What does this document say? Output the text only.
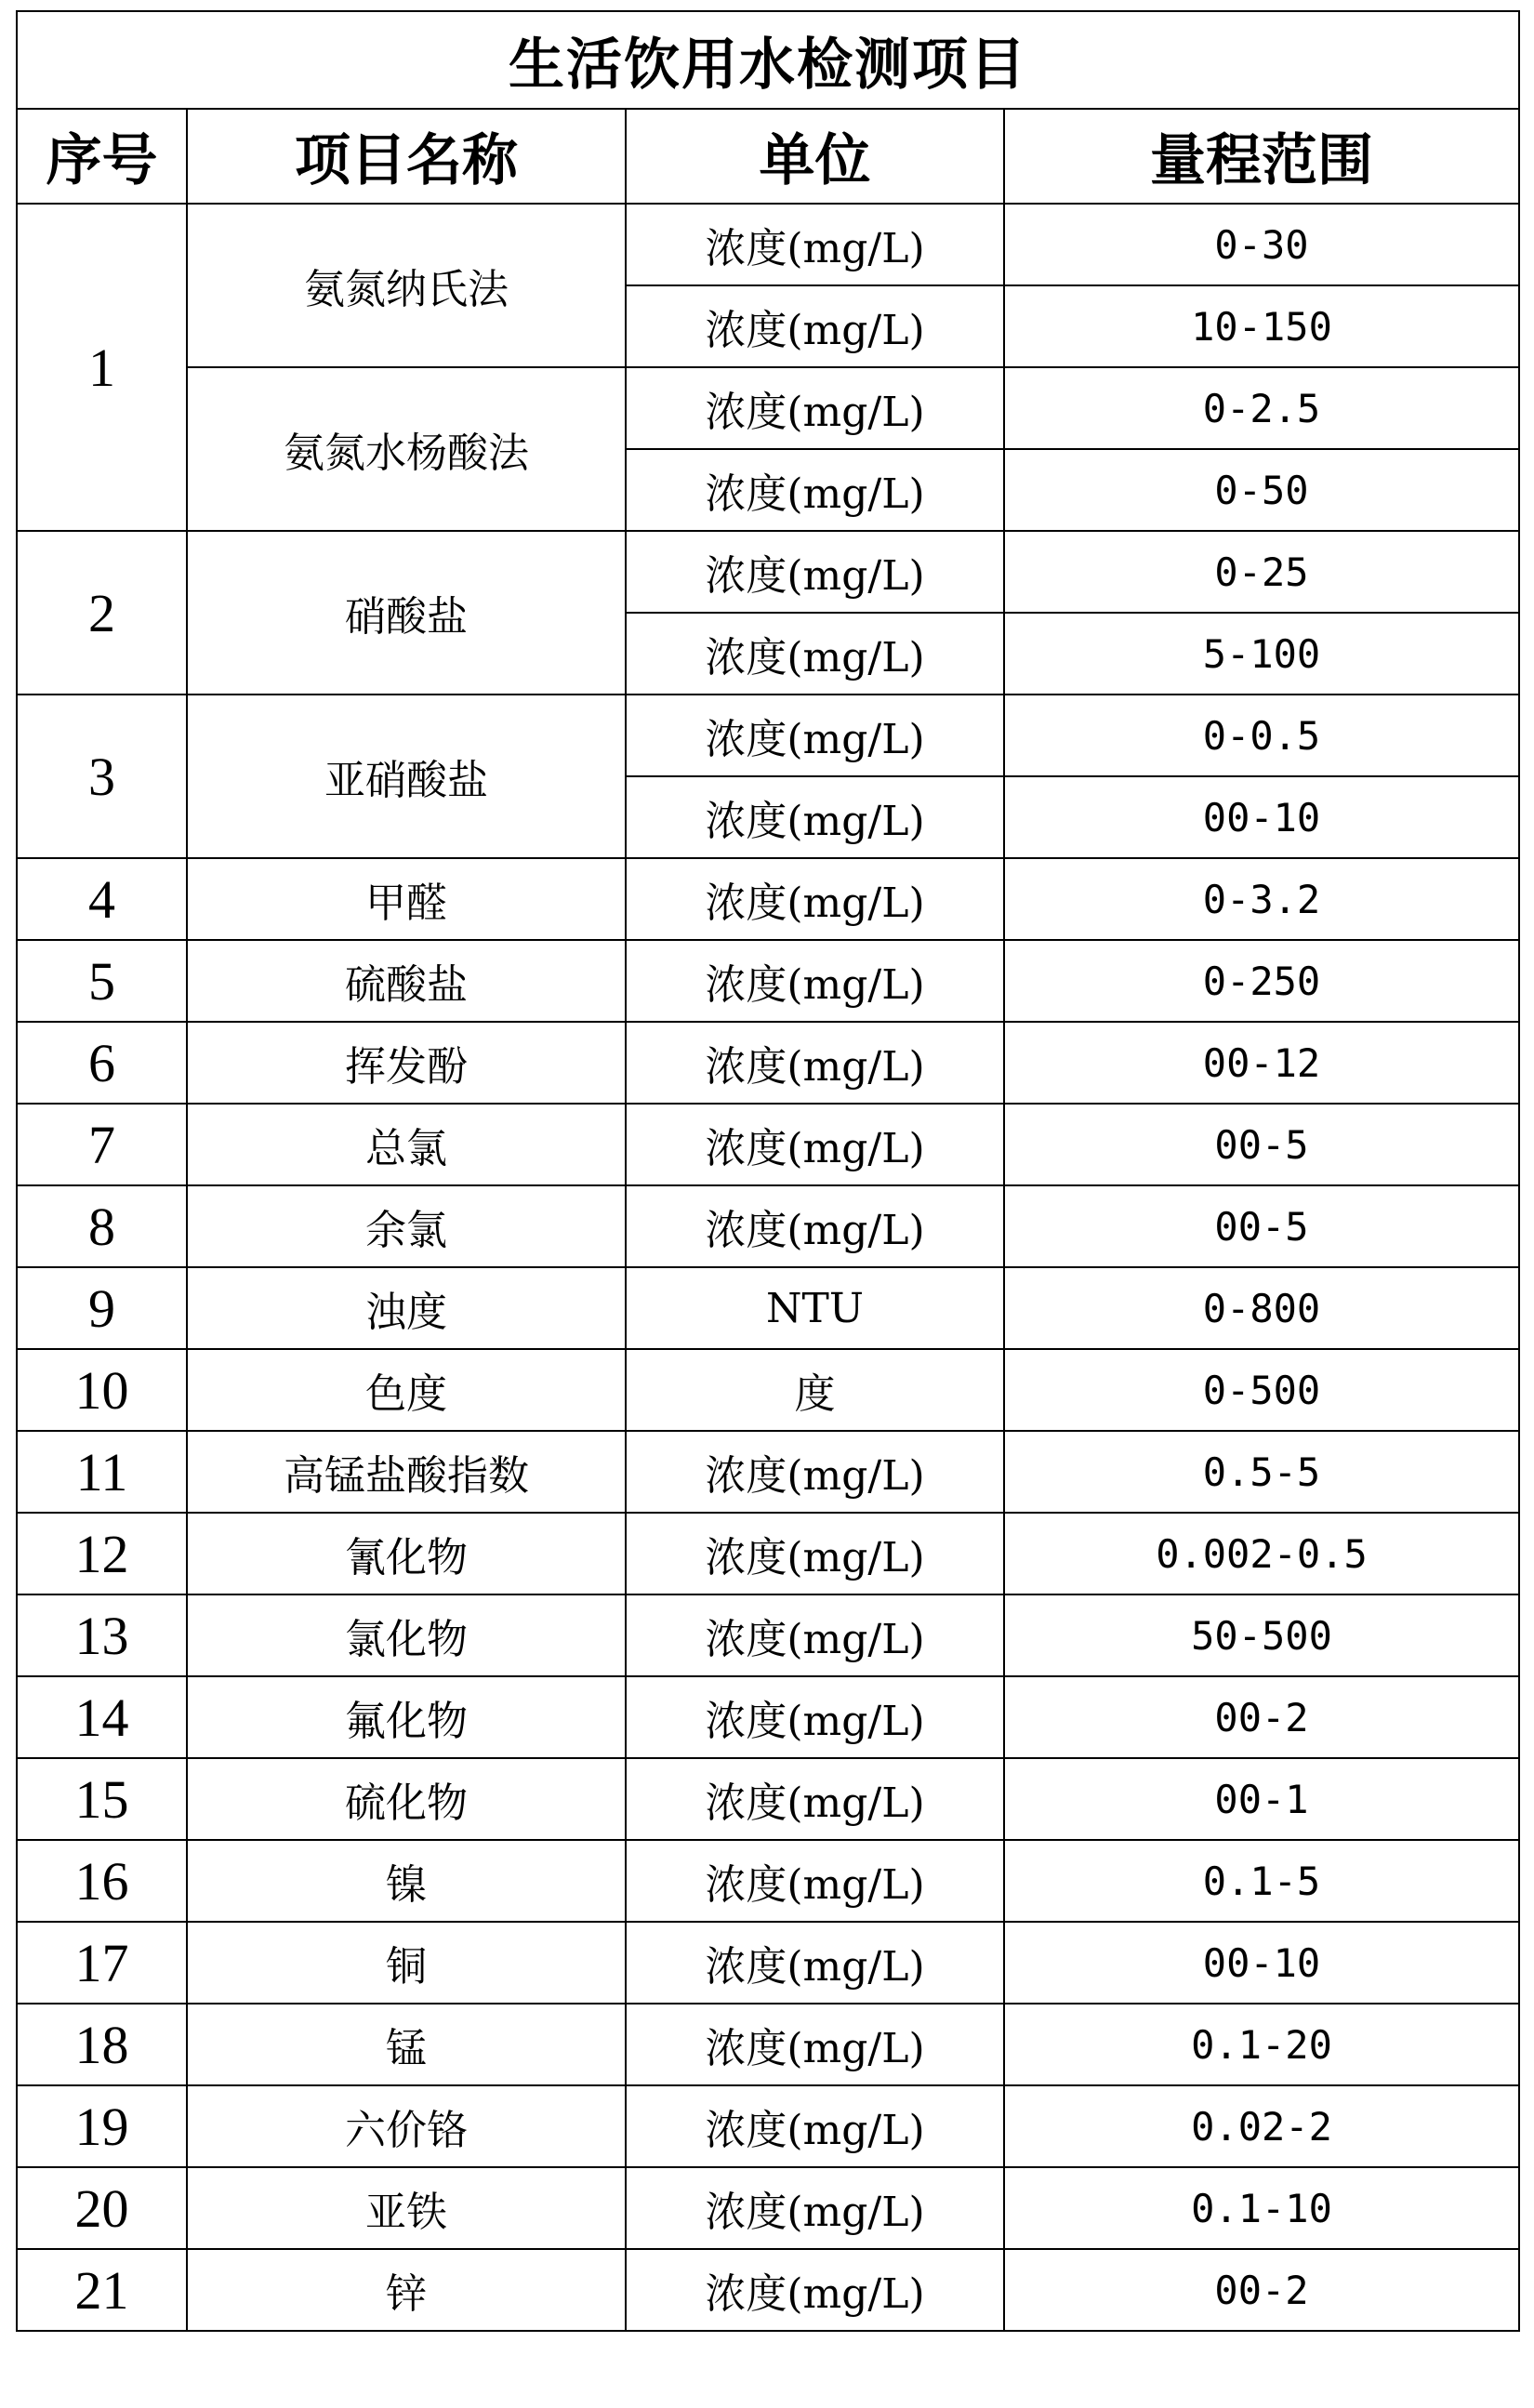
生活饮用水检测项目			
序号	项目名称	单位	量程范围
1	氨氮纳氏法	浓度(mg/L)	0-30
		浓度(mg/L)	10-150
	氨氮水杨酸法	浓度(mg/L)	0-2.5
		浓度(mg/L)	0-50
2	硝酸盐	浓度(mg/L)	0-25
		浓度(mg/L)	5-100
3	亚硝酸盐	浓度(mg/L)	0-0.5
		浓度(mg/L)	00-10
4	甲醛	浓度(mg/L)	0-3.2
5	硫酸盐	浓度(mg/L)	0-250
6	挥发酚	浓度(mg/L)	00-12
7	总氯	浓度(mg/L)	00-5
8	余氯	浓度(mg/L)	00-5
9	浊度	NTU	0-800
10	色度	度	0-500
11	高锰盐酸指数	浓度(mg/L)	0.5-5
12	氰化物	浓度(mg/L)	0.002-0.5
13	氯化物	浓度(mg/L)	50-500
14	氟化物	浓度(mg/L)	00-2
15	硫化物	浓度(mg/L)	00-1
16	镍	浓度(mg/L)	0.1-5
17	铜	浓度(mg/L)	00-10
18	锰	浓度(mg/L)	0.1-20
19	六价铬	浓度(mg/L)	0.02-2
20	亚铁	浓度(mg/L)	0.1-10
21	锌	浓度(mg/L)	00-2
